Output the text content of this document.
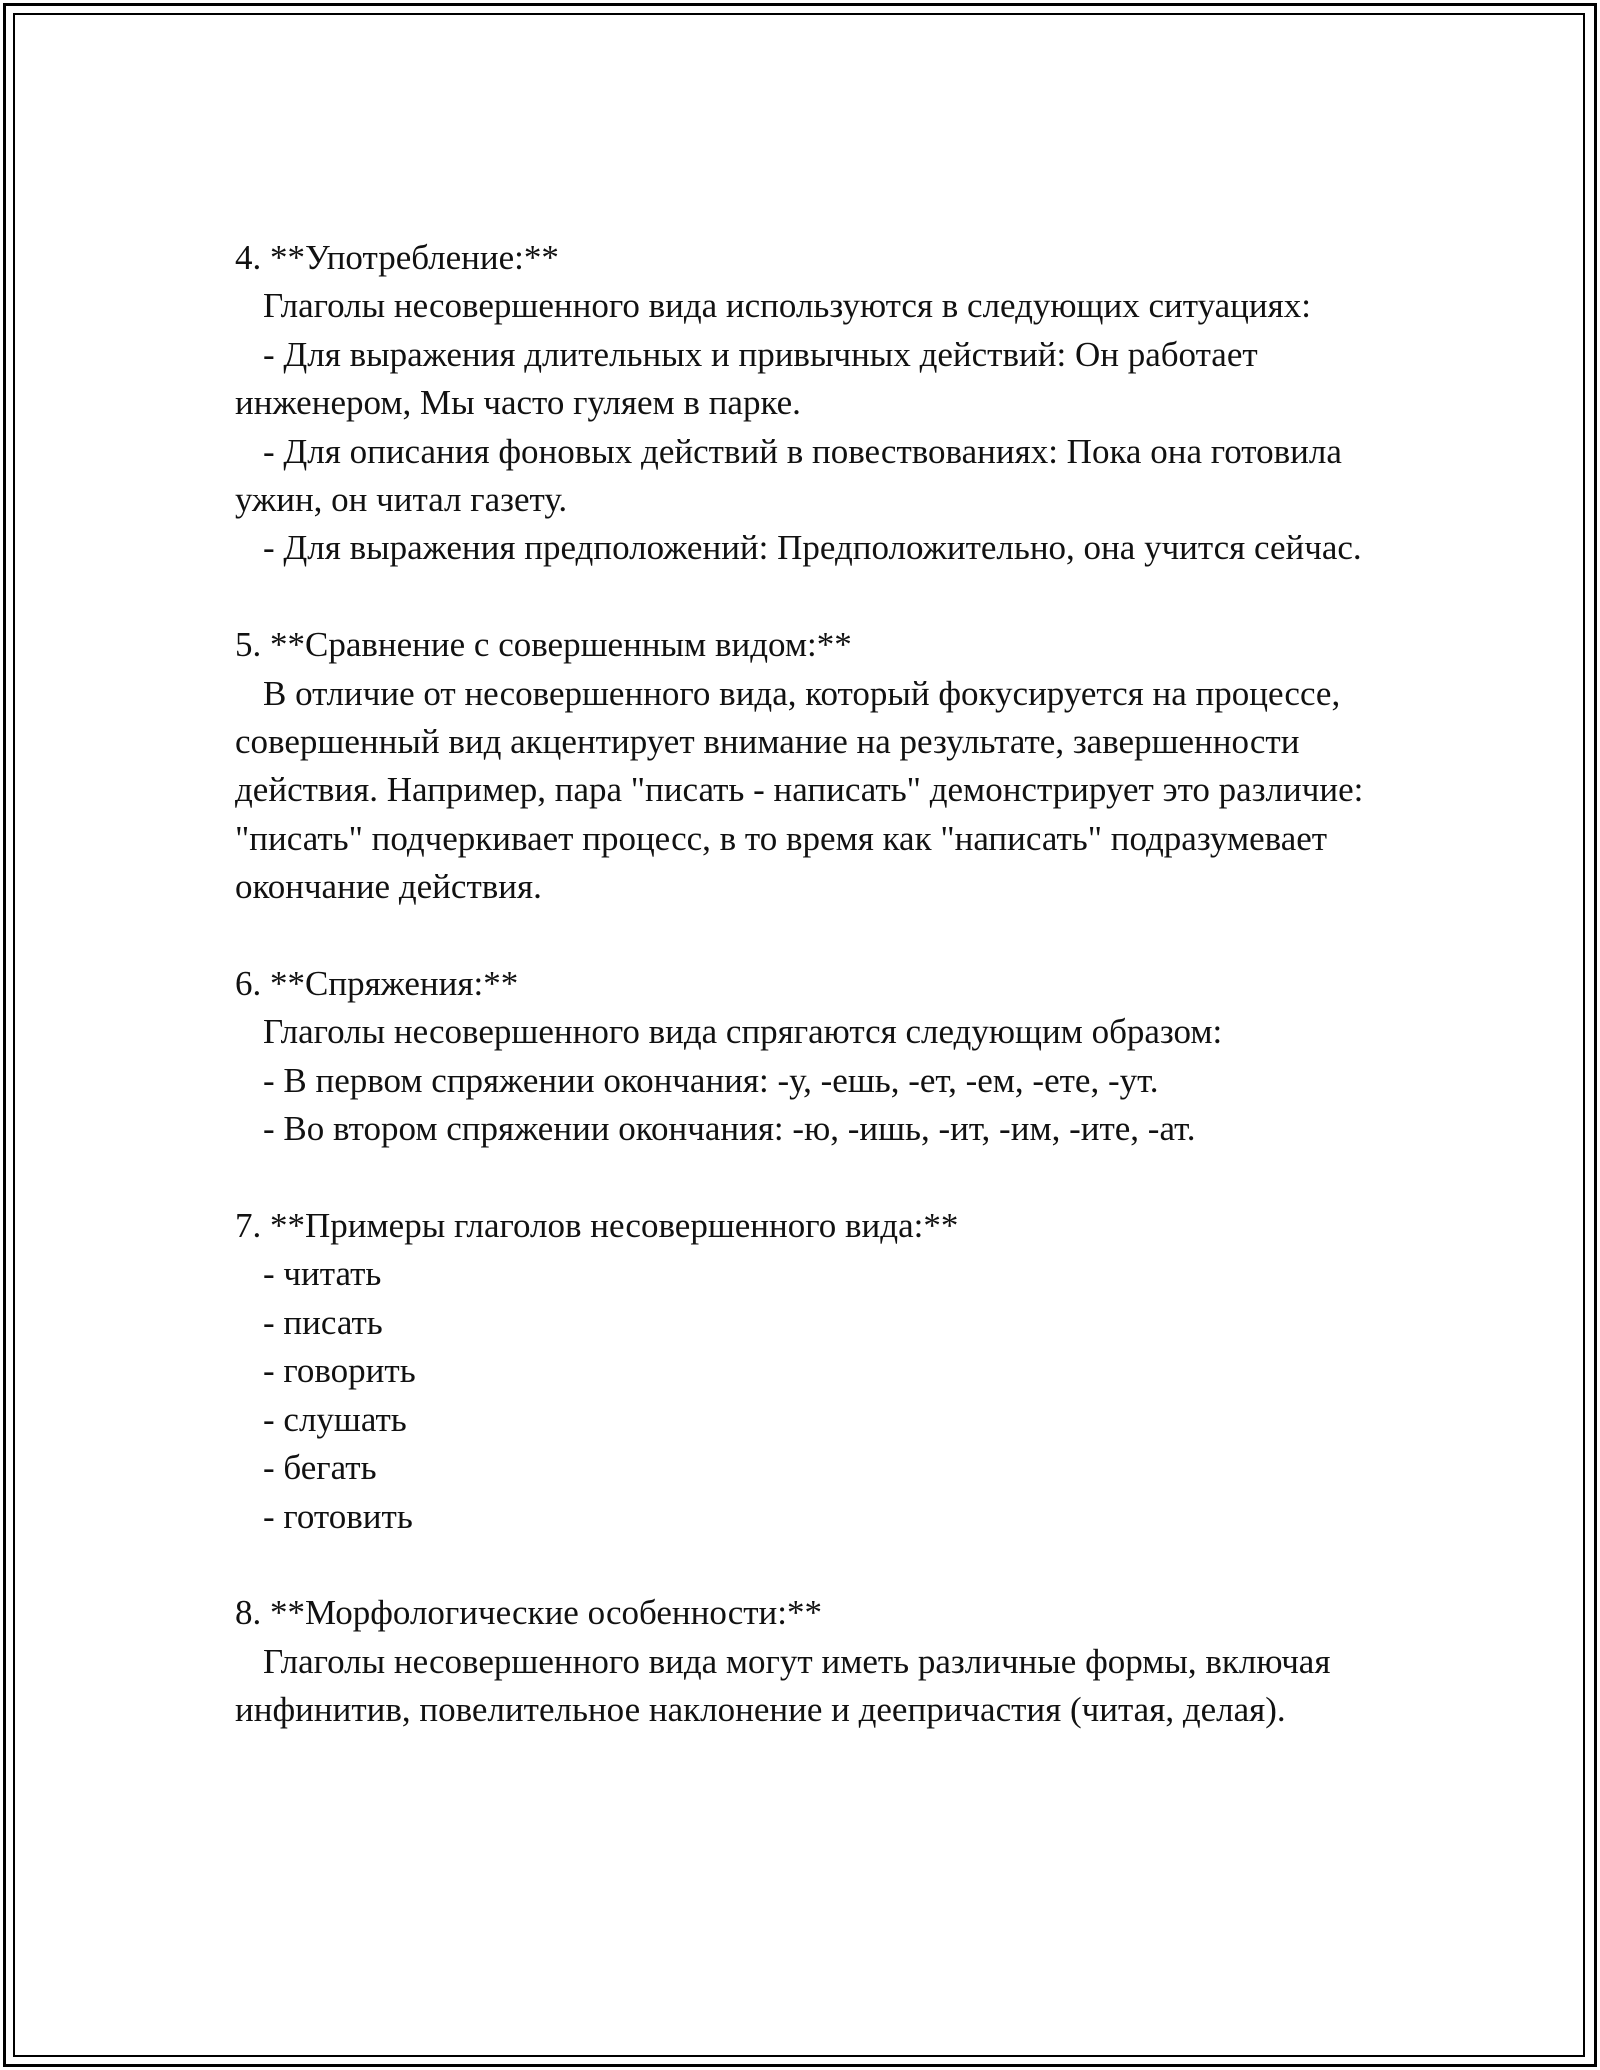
4. **Употребление:**
Глаголы несовершенного вида используются в следующих ситуациях:
- Для выражения длительных и привычных действий: Он работает инженером, Мы часто гуляем в парке.
- Для описания фоновых действий в повествованиях: Пока она готовила ужин, он читал газету.
- Для выражения предположений: Предположительно, она учится сейчас.
5. **Сравнение с совершенным видом:**
В отличие от несовершенного вида, который фокусируется на процессе, совершенный вид акцентирует внимание на результате, завершенности действия. Например, пара "писать - написать" демонстрирует это различие: "писать" подчеркивает процесс, в то время как "написать" подразумевает окончание действия.
6. **Спряжения:**
Глаголы несовершенного вида спрягаются следующим образом:
- В первом спряжении окончания: -у, -ешь, -ет, -ем, -ете, -ут.
- Во втором спряжении окончания: -ю, -ишь, -ит, -им, -ите, -ат.
7. **Примеры глаголов несовершенного вида:**
- читать
- писать
- говорить
- слушать
- бегать
- готовить
8. **Морфологические особенности:**
Глаголы несовершенного вида могут иметь различные формы, включая инфинитив, повелительное наклонение и деепричастия (читая, делая).
